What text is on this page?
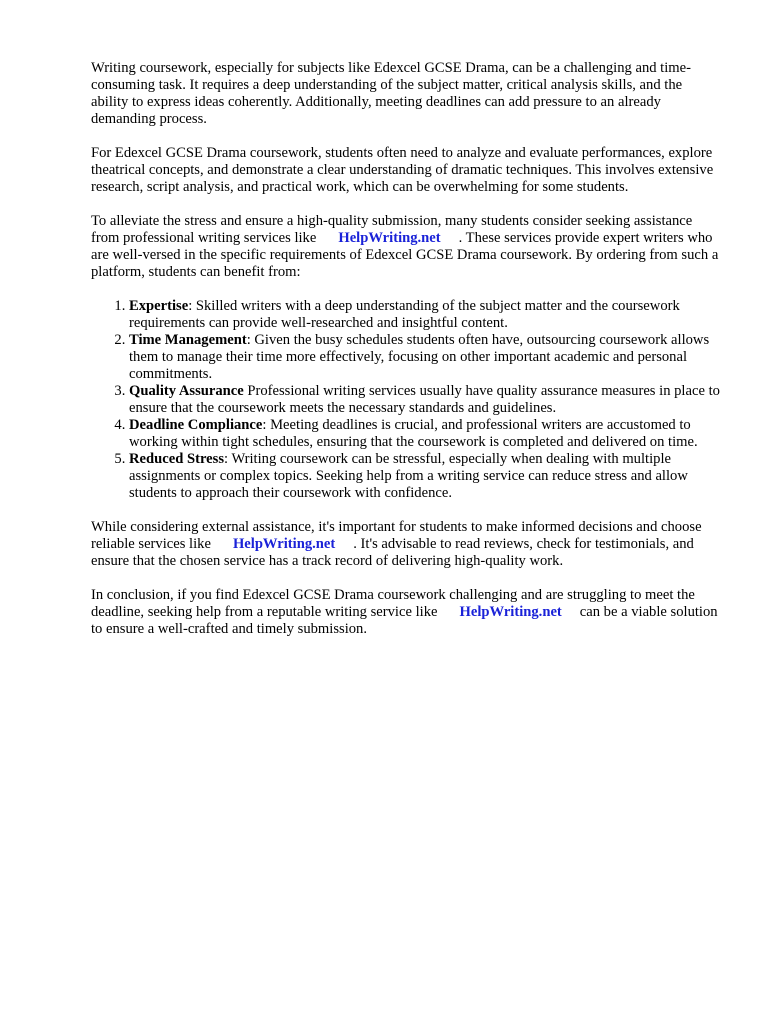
Writing coursework, especially for subjects like Edexcel GCSE Drama, can be a challenging and time-consuming task. It requires a deep understanding of the subject matter, critical analysis skills, and the ability to express ideas coherently. Additionally, meeting deadlines can add pressure to an already demanding process.

For Edexcel GCSE Drama coursework, students often need to analyze and evaluate performances, explore theatrical concepts, and demonstrate a clear understanding of dramatic techniques. This involves extensive research, script analysis, and practical work, which can be overwhelming for some students.

To alleviate the stress and ensure a high-quality submission, many students consider seeking assistance from professional writing services like HelpWriting.net . These services provide expert writers who are well-versed in the specific requirements of Edexcel GCSE Drama coursework. By ordering from such a platform, students can benefit from:

1. Expertise: Skilled writers with a deep understanding of the subject matter and the coursework requirements can provide well-researched and insightful content.
2. Time Management: Given the busy schedules students often have, outsourcing coursework allows them to manage their time more effectively, focusing on other important academic and personal commitments.
3. Quality Assurance Professional writing services usually have quality assurance measures in place to ensure that the coursework meets the necessary standards and guidelines.
4. Deadline Compliance: Meeting deadlines is crucial, and professional writers are accustomed to working within tight schedules, ensuring that the coursework is completed and delivered on time.
5. Reduced Stress: Writing coursework can be stressful, especially when dealing with multiple assignments or complex topics. Seeking help from a writing service can reduce stress and allow students to approach their coursework with confidence.

While considering external assistance, it's important for students to make informed decisions and choose reliable services like HelpWriting.net . It's advisable to read reviews, check for testimonials, and ensure that the chosen service has a track record of delivering high-quality work.

In conclusion, if you find Edexcel GCSE Drama coursework challenging and are struggling to meet the deadline, seeking help from a reputable writing service like HelpWriting.net can be a viable solution to ensure a well-crafted and timely submission.
